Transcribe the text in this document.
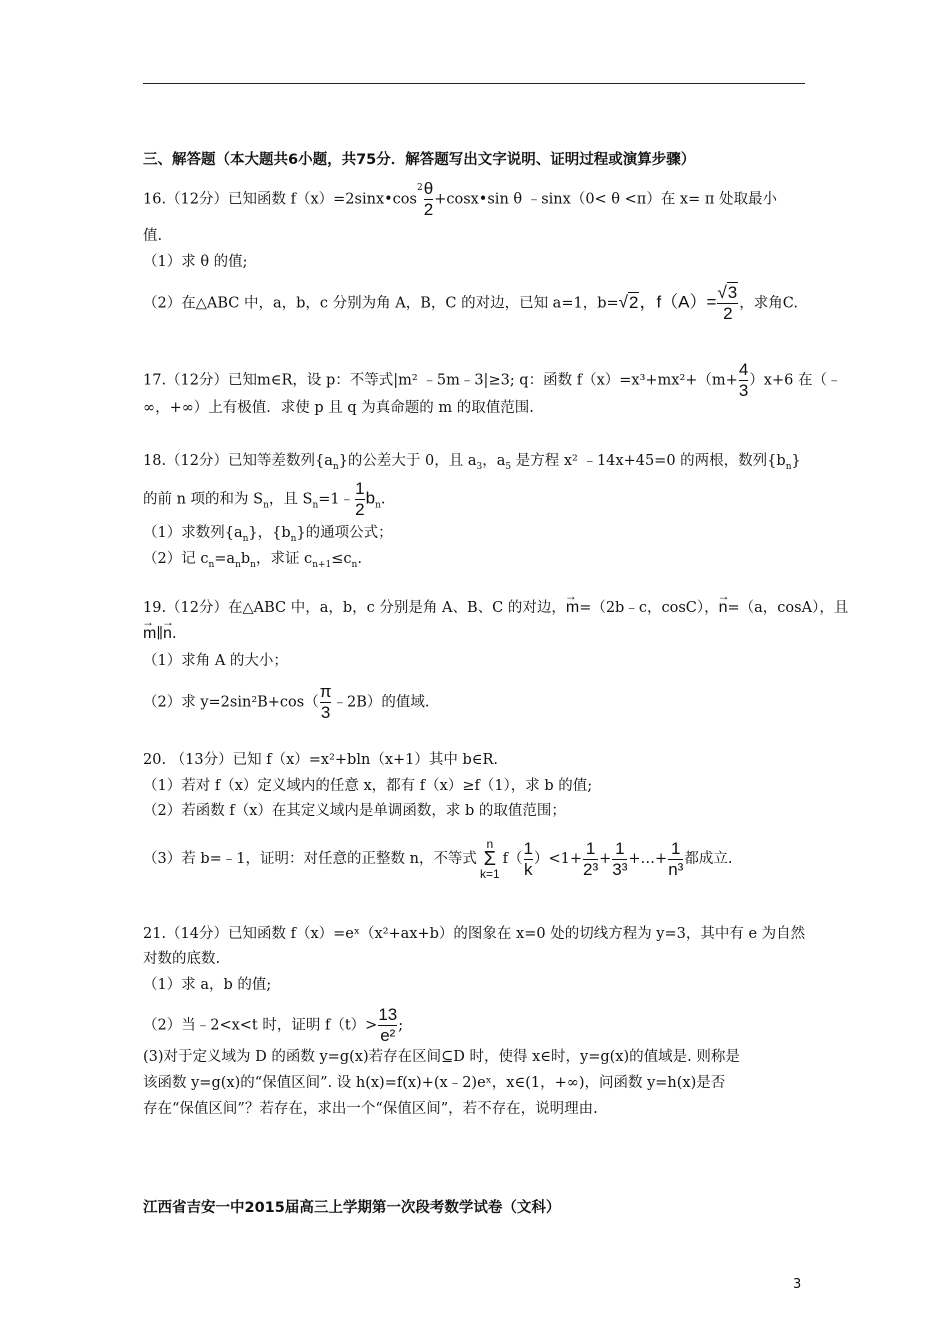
三、解答题（本大题共6小题，共75分．解答题写出文字说明、证明过程或演算步骤）
16.（12分）已知函数 $f(x)=2\sin x•\cos^2 \frac{\theta}{2}$ +cosx•sin θ ﹣sinx（0< θ <π）在 x= π 处取最小
值.
（1）求 θ 的值;
（2）在△ABC 中，a，b，c 分别为角 A，B，C 的对边，已知 a=1，b=√2，$f(A)= \frac{√3}{2}$ ，求角C.
17.（12分）已知m∈R，设 p：不等式|m² ﹣5m﹣3|≥3; q：函数 $f(x)=x^3+mx^2+(m+ \frac{4}{3} )x+6$ 在（﹣
∞，+∞）上有极值．求使 p 且 q 为真命题的 m 的取值范围.
18.（12分）已知等差数列$\{a_n\}$的公差大于 0，且 $a_3$，$a_5$ 是方程 x² ﹣14x+45=0 的两根，数列$\{b_n\}$
的前 n 项的和为 $S_n$，且 $S_n=1﹣ \frac{1}{2} b_n$.
（1）求数列$\{a_n\}$，$\{b_n\}$的通项公式；
（2）记 $c_n=a_nb_n$，求证 $c_{n+1}\le c_n$.
19.（12分）在△ABC 中，a，b，c 分别是角 A、B、C 的对边，→ m=（2b﹣c，cosC），→ n=（a，cosA），且
→ m∥→ n.
（1）求角 A 的大小；
（2）求 $y=2\sin^2B+\cos( \frac{\pi}{3}$ ﹣2B）的值域.
20. （13分）已知 f（x）=x²+bln（x+1）其中 b∈R.
（1）若对 f（x）定义域内的任意 x，都有 f（x）≥f（1），求 b 的值;
（2）若函数 f（x）在其定义域内是单调函数，求 b 的取值范围；
（3）若 b=﹣1，证明：对任意的正整数 n，不等式
n
Σ
k=1
$f( \frac{1}{k} )<1+ \frac{1}{\text{2³}} + \frac{1}{\text{3³}}$ +…+ $\frac{1}{\text{n³}}$ 都成立.
21.（14分）已知函数 f（x）=eˣ（x²+ax+b）的图象在 x=0 处的切线方程为 y=3，其中有 e 为自然
对数的底数.
（1）求 a，b 的值;
（2）当﹣2<x<t 时，证明 $f(t)> \frac{13}{\text{e²}}$ ;
(3)对于定义域为 D 的函数 y=g(x)若存在区间⊆D 时，使得 x∈时，y=g(x)的值域是. 则称是
该函数 y=g(x)的“保值区间”. 设 h(x)=f(x)+(x﹣2)eˣ，x∈(1，+∞)，问函数 y=h(x)是否
存在“保值区间”？若存在，求出一个“保值区间”，若不存在，说明理由.
江西省吉安一中2015届高三上学期第一次段考数学试卷（文科）
3
